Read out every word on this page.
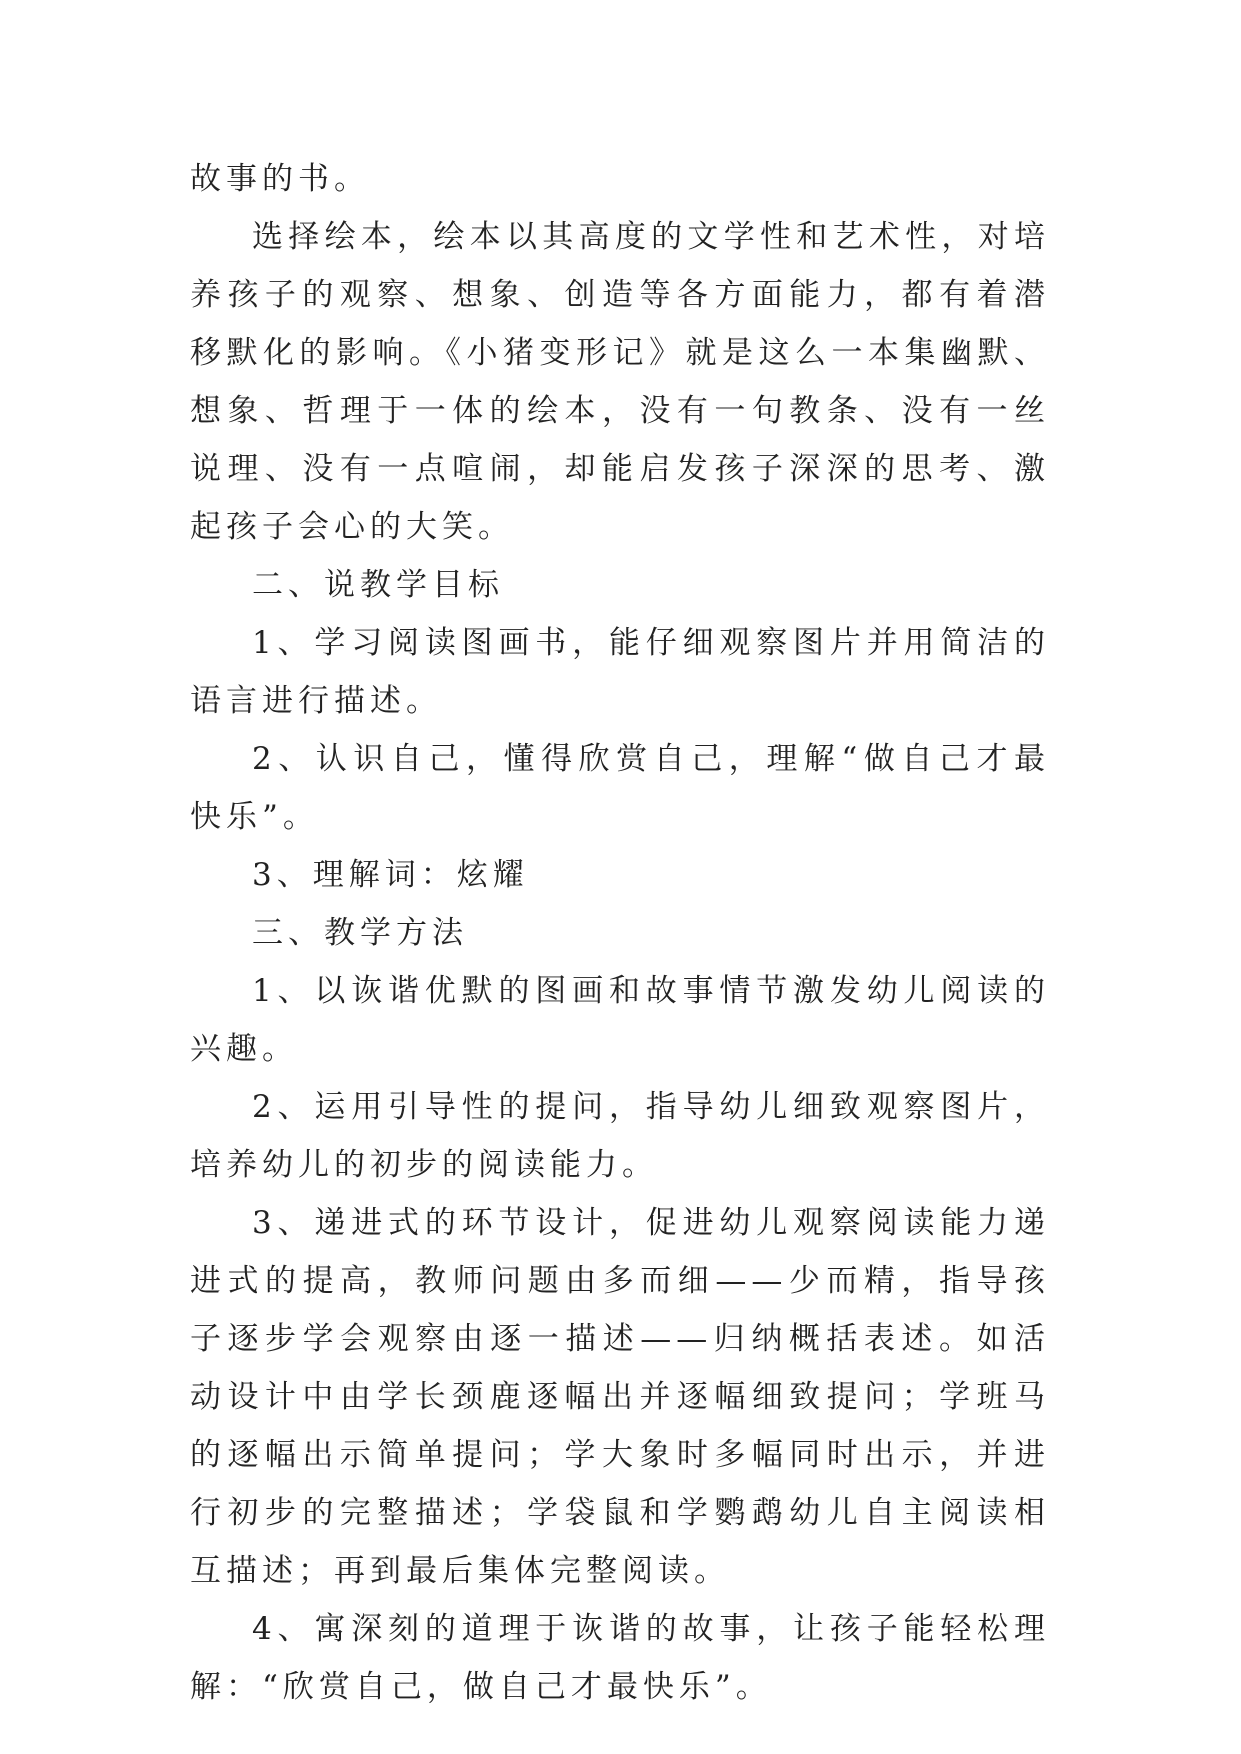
故事的书。

选择绘本，绘本以其高度的文学性和艺术性，对培养孩子的观察、想象、创造等各方面能力，都有着潜移默化的影响。《小猪变形记》就是这么一本集幽默、想象、哲理于一体的绘本，没有一句教条、没有一丝说理、没有一点喧闹，却能启发孩子深深的思考、激起孩子会心的大笑。

二、说教学目标

1、学习阅读图画书，能仔细观察图片并用简洁的语言进行描述。

2、认识自己，懂得欣赏自己，理解“做自己才最快乐”。

3、理解词：炫耀

三、教学方法

1、以诙谐优默的图画和故事情节激发幼儿阅读的兴趣。

2、运用引导性的提问，指导幼儿细致观察图片，培养幼儿的初步的阅读能力。

3、递进式的环节设计，促进幼儿观察阅读能力递进式的提高，教师问题由多而细——少而精，指导孩子逐步学会观察由逐一描述——归纳概括表述。如活动设计中由学长颈鹿逐幅出并逐幅细致提问；学班马的逐幅出示简单提问；学大象时多幅同时出示，并进行初步的完整描述；学袋鼠和学鹦鹉幼儿自主阅读相互描述；再到最后集体完整阅读。

4、寓深刻的道理于诙谐的故事，让孩子能轻松理解：“欣赏自己，做自己才最快乐”。
